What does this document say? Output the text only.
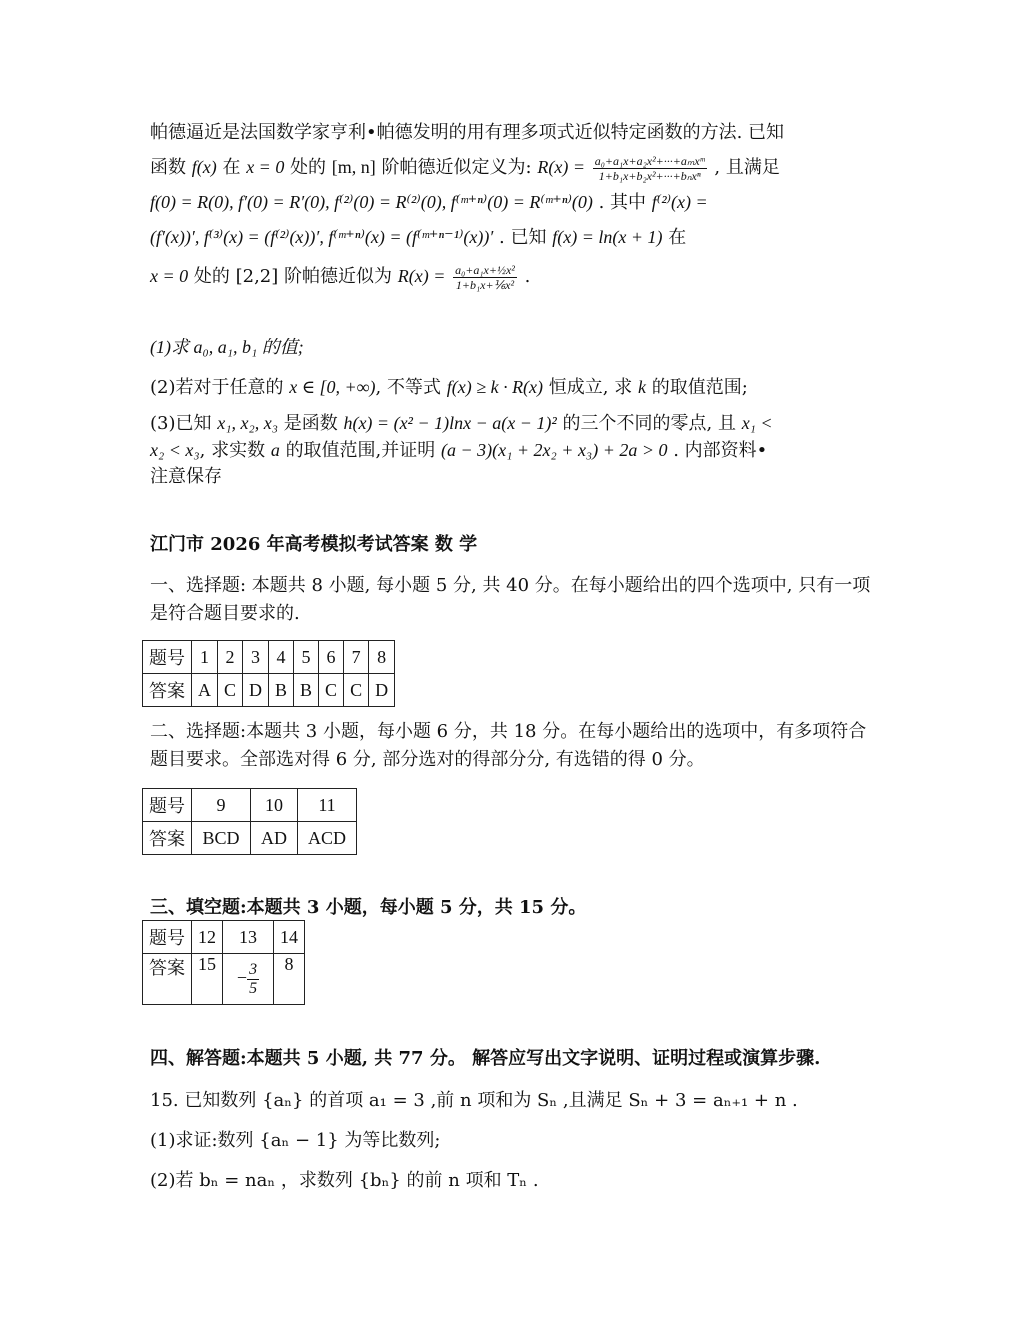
帕德逼近是法国数学家亨利•帕德发明的用有理多项式近似特定函数的方法. 已知
函数 f(x) 在 x = 0 处的 [m, n] 阶帕德近似定义为: $R(x) = \frac{\text{a₀+a₁x+a₂x²+···+aₘxᵐ}}{\text{1+b₁x+b₂x²+···+bₙxⁿ}}$ , 且满足
f(0) = R(0), f′(0) = R′(0), f⁽²⁾(0) = R⁽²⁾(0), f⁽ᵐ⁺ⁿ⁾(0) = R⁽ᵐ⁺ⁿ⁾(0) . 其中 f⁽²⁾(x) =
(f′(x))′, f⁽³⁾(x) = (f⁽²⁾(x))′, f⁽ᵐ⁺ⁿ⁾(x) = (f⁽ᵐ⁺ⁿ⁻¹⁾(x))′ . 已知 f(x) = ln(x + 1) 在
x = 0 处的 [2,2] 阶帕德近似为 $R(x) = \frac{\text{a₀+a₁x+½x²}}{\text{1+b₁x+⅙x²}}$ .
(1)求 a₀, a₁, b₁ 的值;
(2)若对于任意的 x ∈ [0, +∞), 不等式 f(x) ≥ k · R(x) 恒成立, 求 k 的取值范围;
(3)已知 x₁, x₂, x₃ 是函数 h(x) = (x² − 1)lnx − a(x − 1)² 的三个不同的零点, 且 x₁ <
x₂ < x₃, 求实数 a 的取值范围,并证明 (a − 3)(x₁ + 2x₂ + x₃) + 2a > 0 . 内部资料•
注意保存
江门市 2026 年高考模拟考试答案 数 学
一、选择题: 本题共 8 小题, 每小题 5 分, 共 40 分。在每小题给出的四个选项中, 只有一项是符合题目要求的.
题号	1	2	3	4	5	6	7	8
答案	A	C	D	B	B	C	C	D
二、选择题:本题共 3 小题，每小题 6 分，共 18 分。在每小题给出的选项中，有多项符合题目要求。全部选对得 6 分, 部分选对的得部分分, 有选错的得 0 分。
题号	9	10	11
答案	BCD	AD	ACD
三、填空题:本题共 3 小题，每小题 5 分，共 15 分。
题号	12	13	14
答案	15	− $\frac{3}{5}$	8
四、解答题:本题共 5 小题, 共 77 分。 解答应写出文字说明、证明过程或演算步骤.
15. 已知数列 {aₙ} 的首项 a₁ = 3 ,前 n 项和为 Sₙ ,且满足 Sₙ + 3 = aₙ₊₁ + n .
(1)求证:数列 {aₙ − 1} 为等比数列;
(2)若 bₙ = naₙ ，求数列 {bₙ} 的前 n 项和 Tₙ .
